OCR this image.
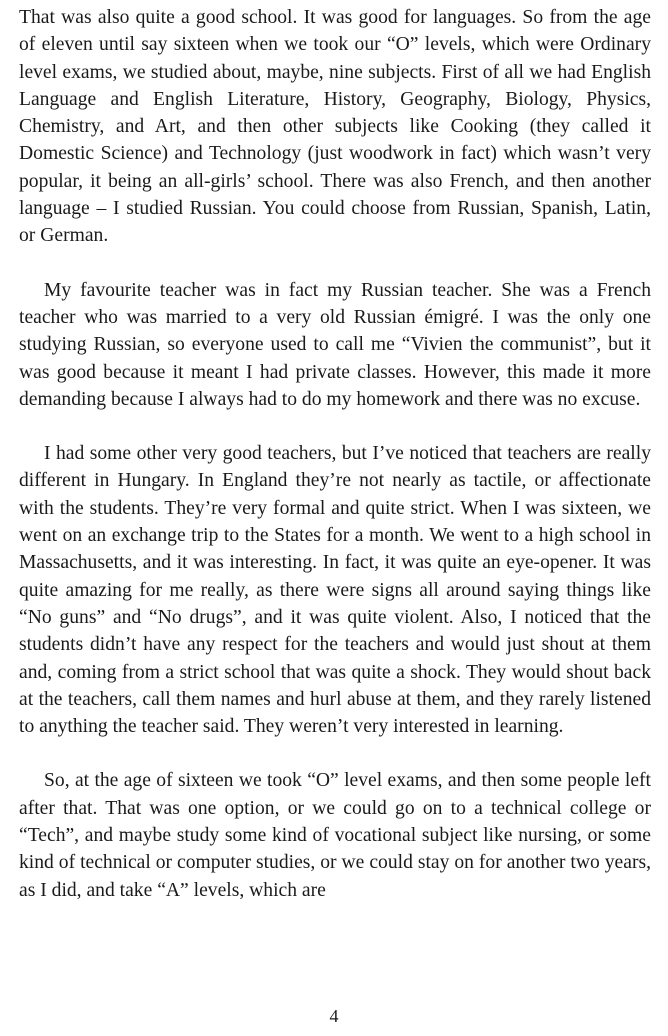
That was also quite a good school. It was good for languages. So from the age of eleven until say sixteen when we took our “O” levels, which were Ordinary level exams, we studied about, maybe, nine subjects. First of all we had English Language and English Literature, History, Geography, Biology, Physics, Chemistry, and Art, and then other subjects like Cooking (they called it Domestic Science) and Technology (just woodwork in fact) which wasn’t very popular, it being an all-girls’ school. There was also French, and then another language – I studied Russian. You could choose from Russian, Spanish, Latin, or German.

My favourite teacher was in fact my Russian teacher. She was a French teacher who was married to a very old Russian émigré. I was the only one studying Russian, so everyone used to call me “Vivien the communist”, but it was good because it meant I had private classes. However, this made it more demanding because I always had to do my homework and there was no excuse.

I had some other very good teachers, but I’ve noticed that teachers are really different in Hungary. In England they’re not nearly as tactile, or affectionate with the students. They’re very formal and quite strict. When I was sixteen, we went on an exchange trip to the States for a month. We went to a high school in Massachusetts, and it was interesting. In fact, it was quite an eye-opener. It was quite amazing for me really, as there were signs all around saying things like “No guns” and “No drugs”, and it was quite violent. Also, I noticed that the students didn’t have any respect for the teachers and would just shout at them and, coming from a strict school that was quite a shock. They would shout back at the teachers, call them names and hurl abuse at them, and they rarely listened to anything the teacher said. They weren’t very interested in learning.

So, at the age of sixteen we took “O” level exams, and then some people left after that. That was one option, or we could go on to a technical college or “Tech”, and maybe study some kind of vocational subject like nursing, or some kind of technical or computer studies, or we could stay on for another two years, as I did, and take “A” levels, which are

4
